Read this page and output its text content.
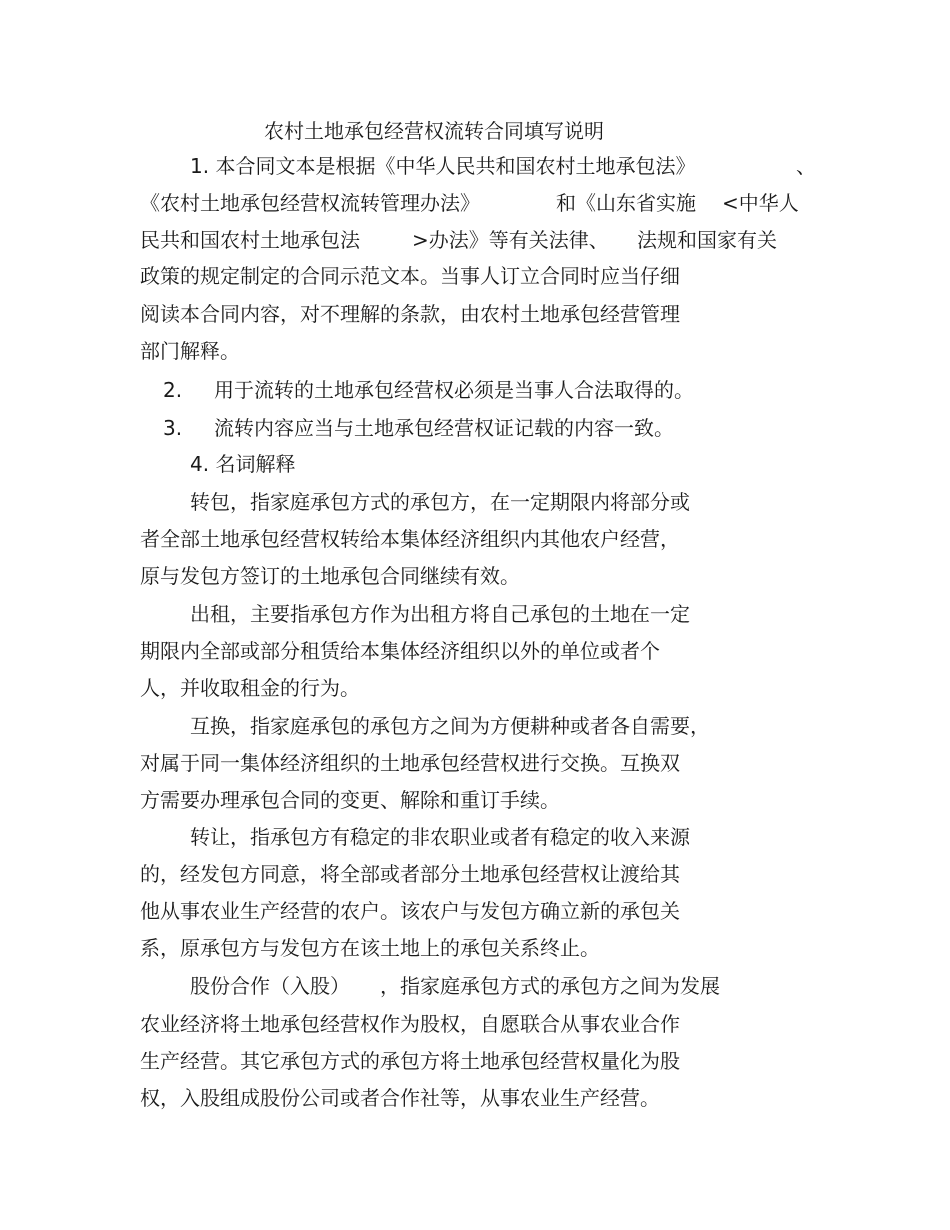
农村土地承包经营权流转合同填写说明
1. 本合同文本是根据《中华人民共和国农村土地承包法》	、
《农村土地承包经营权流转管理办法》	和《山东省实施 <中华人
民共和国农村土地承包法	>办法》等有关法律、 法规和国家有关
政策的规定制定的合同示范文本。当事人订立合同时应当仔细
阅读本合同内容，对不理解的条款，由农村土地承包经营管理
部门解释。
2. 用于流转的土地承包经营权必须是当事人合法取得的。
3. 流转内容应当与土地承包经营权证记载的内容一致。
4. 名词解释
转包，指家庭承包方式的承包方，在一定期限内将部分或
者全部土地承包经营权转给本集体经济组织内其他农户经营，
原与发包方签订的土地承包合同继续有效。
出租，主要指承包方作为出租方将自己承包的土地在一定
期限内全部或部分租赁给本集体经济组织以外的单位或者个
人，并收取租金的行为。
互换，指家庭承包的承包方之间为方便耕种或者各自需要，
对属于同一集体经济组织的土地承包经营权进行交换。互换双
方需要办理承包合同的变更、解除和重订手续。
转让，指承包方有稳定的非农职业或者有稳定的收入来源
的，经发包方同意，将全部或者部分土地承包经营权让渡给其
他从事农业生产经营的农户。该农户与发包方确立新的承包关
系，原承包方与发包方在该土地上的承包关系终止。
股份合作（入股） ，指家庭承包方式的承包方之间为发展
农业经济将土地承包经营权作为股权，自愿联合从事农业合作
生产经营。其它承包方式的承包方将土地承包经营权量化为股
权，入股组成股份公司或者合作社等，从事农业生产经营。
